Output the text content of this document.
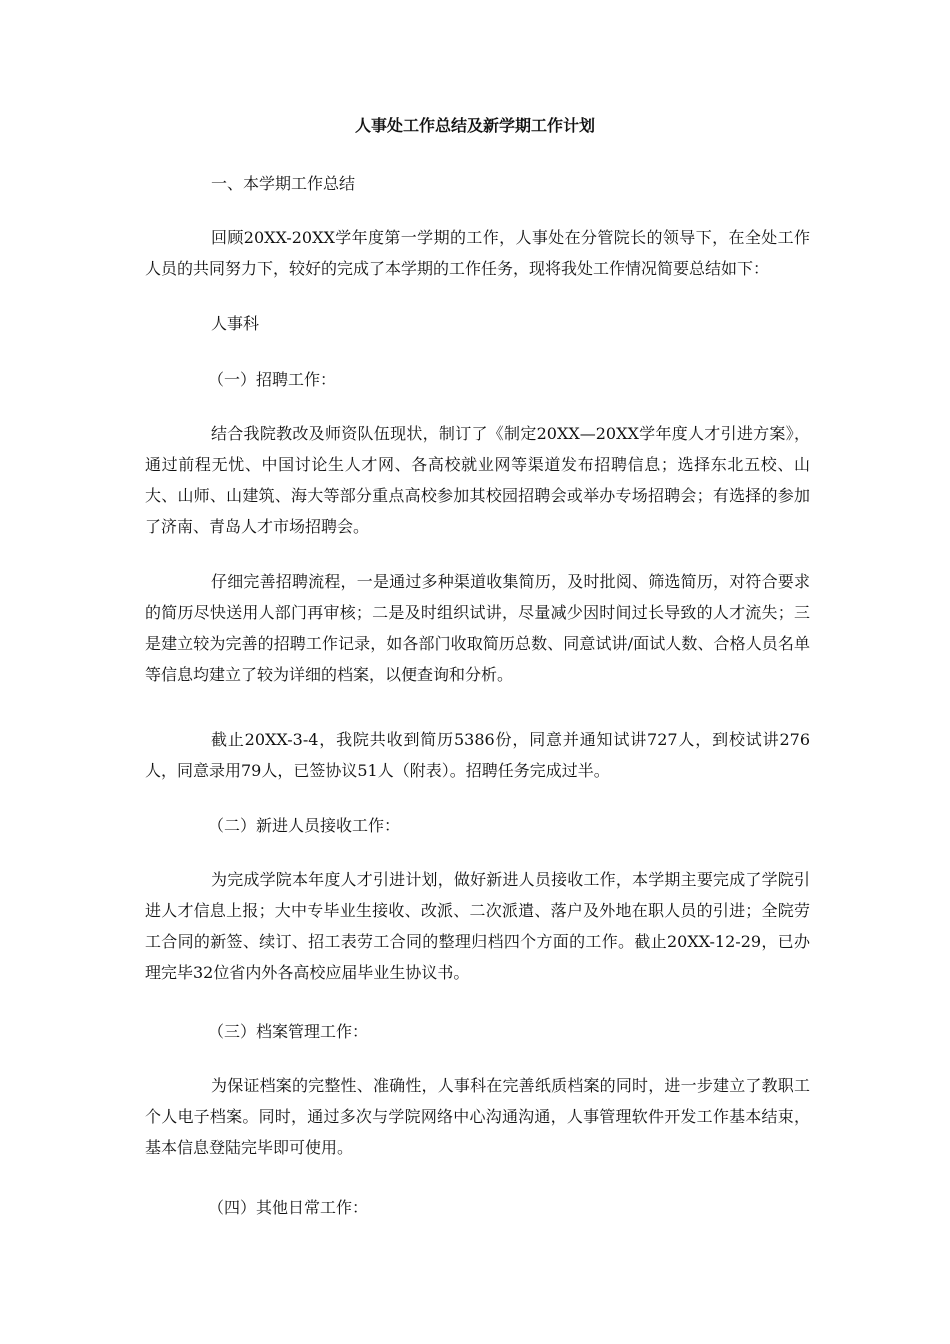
人事处工作总结及新学期工作计划
一、本学期工作总结

回顾20XX-20XX学年度第一学期的工作，人事处在分管院长的领导下，在全处工作人员的共同努力下，较好的完成了本学期的工作任务，现将我处工作情况简要总结如下：

人事科
（一）招聘工作：

结合我院教改及师资队伍现状，制订了《制定20XX—20XX学年度人才引进方案》，通过前程无忧、中国讨论生人才网、各高校就业网等渠道发布招聘信息；选择东北五校、山大、山师、山建筑、海大等部分重点高校参加其校园招聘会或举办专场招聘会；有选择的参加了济南、青岛人才市场招聘会。

仔细完善招聘流程，一是通过多种渠道收集简历，及时批阅、筛选简历，对符合要求的简历尽快送用人部门再审核；二是及时组织试讲，尽量减少因时间过长导致的人才流失；三是建立较为完善的招聘工作记录，如各部门收取简历总数、同意试讲/面试人数、合格人员名单等信息均建立了较为详细的档案，以便查询和分析。

截止20XX-3-4，我院共收到简历5386份，同意并通知试讲727人，到校试讲276人，同意录用79人，已签协议51人（附表）。招聘任务完成过半。

（二）新进人员接收工作：

为完成学院本年度人才引进计划，做好新进人员接收工作，本学期主要完成了学院引进人才信息上报；大中专毕业生接收、改派、二次派遣、落户及外地在职人员的引进；全院劳工合同的新签、续订、招工表劳工合同的整理归档四个方面的工作。截止20XX-12-29，已办理完毕32位省内外各高校应届毕业生协议书。

（三）档案管理工作：

为保证档案的完整性、准确性，人事科在完善纸质档案的同时，进一步建立了教职工个人电子档案。同时，通过多次与学院网络中心沟通沟通，人事管理软件开发工作基本结束，基本信息登陆完毕即可使用。

（四）其他日常工作：
